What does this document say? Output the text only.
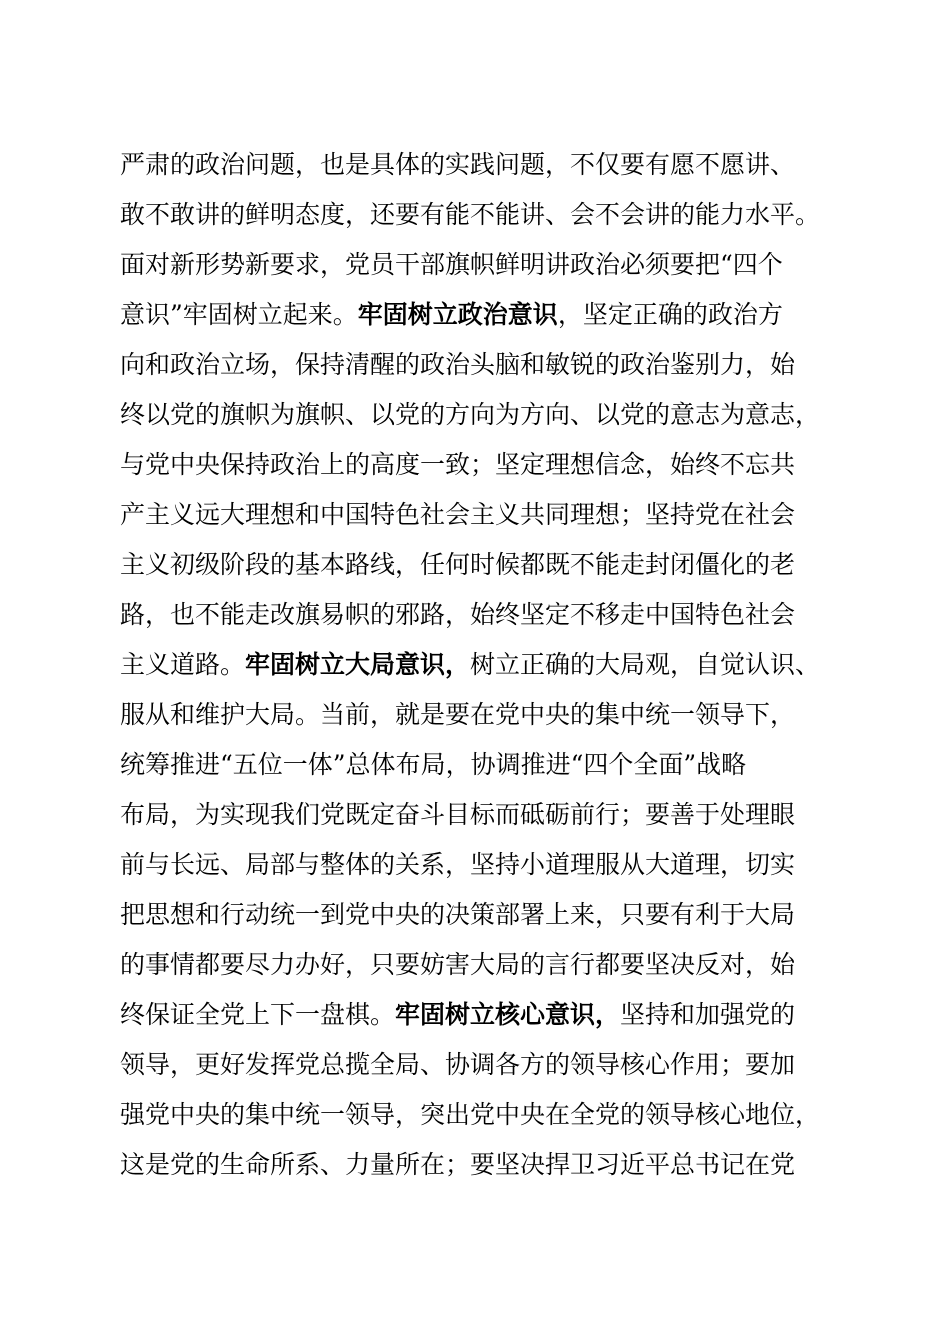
严肃的政治问题，也是具体的实践问题，不仅要有愿不愿讲、
敢不敢讲的鲜明态度，还要有能不能讲、会不会讲的能力水平。
面对新形势新要求，党员干部旗帜鲜明讲政治必须要把“四个
意识”牢固树立起来。牢固树立政治意识，坚定正确的政治方
向和政治立场，保持清醒的政治头脑和敏锐的政治鉴别力，始
终以党的旗帜为旗帜、以党的方向为方向、以党的意志为意志，
与党中央保持政治上的高度一致；坚定理想信念，始终不忘共
产主义远大理想和中国特色社会主义共同理想；坚持党在社会
主义初级阶段的基本路线，任何时候都既不能走封闭僵化的老
路，也不能走改旗易帜的邪路，始终坚定不移走中国特色社会
主义道路。牢固树立大局意识，树立正确的大局观，自觉认识、
服从和维护大局。当前，就是要在党中央的集中统一领导下，
统筹推进“五位一体”总体布局，协调推进“四个全面”战略
布局，为实现我们党既定奋斗目标而砥砺前行；要善于处理眼
前与长远、局部与整体的关系，坚持小道理服从大道理，切实
把思想和行动统一到党中央的决策部署上来，只要有利于大局
的事情都要尽力办好，只要妨害大局的言行都要坚决反对，始
终保证全党上下一盘棋。牢固树立核心意识，坚持和加强党的
领导，更好发挥党总揽全局、协调各方的领导核心作用；要加
强党中央的集中统一领导，突出党中央在全党的领导核心地位，
这是党的生命所系、力量所在；要坚决捍卫习近平总书记在党
